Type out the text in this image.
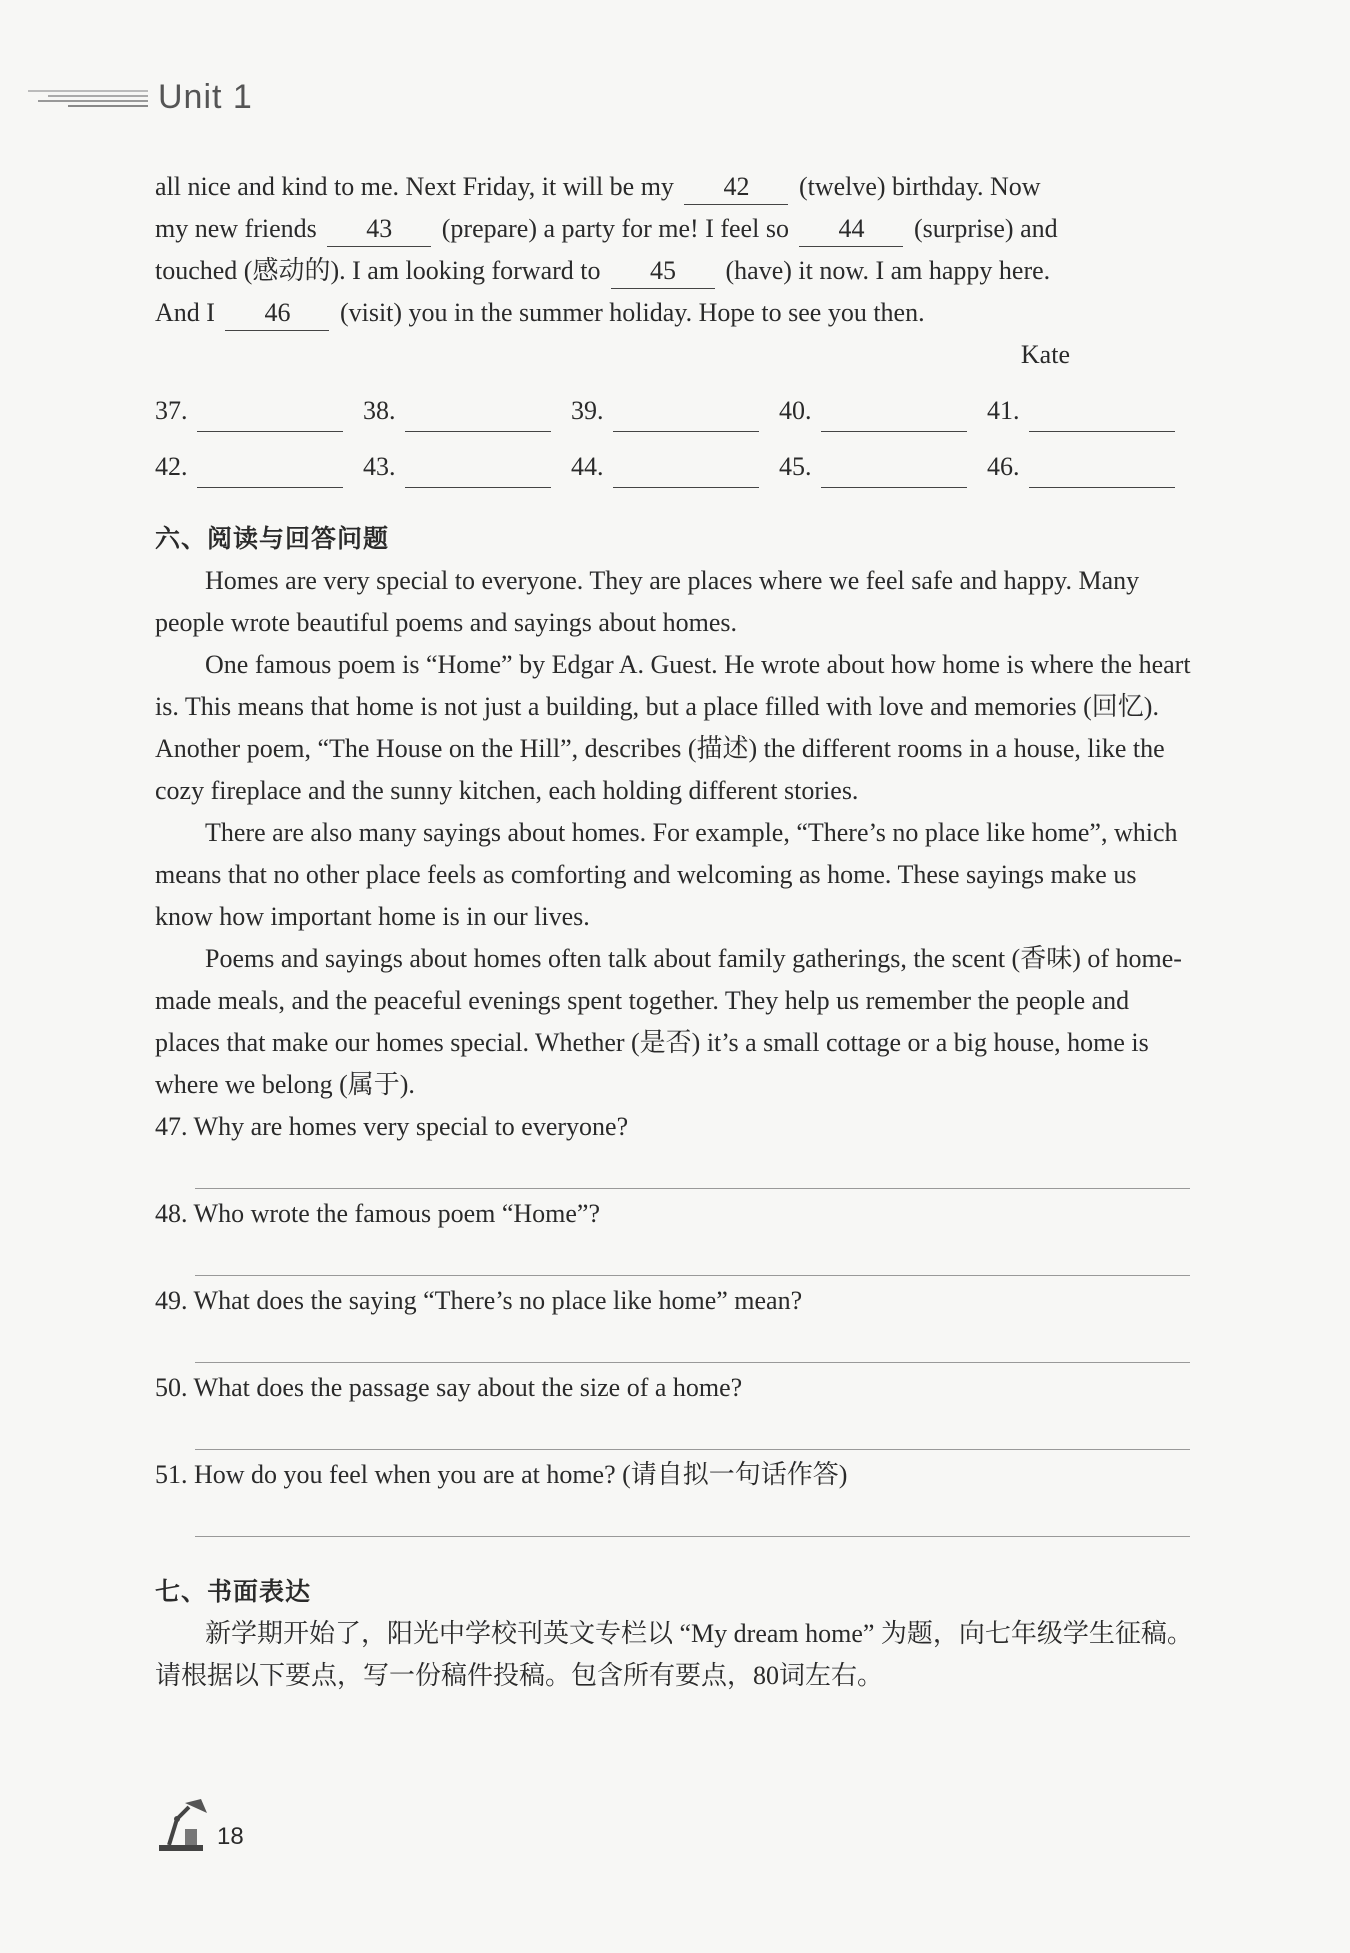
Unit 1
all nice and kind to me. Next Friday, it will be my 42 (twelve) birthday. Now
my new friends 43 (prepare) a party for me! I feel so 44 (surprise) and
touched (感动的). I am looking forward to 45 (have) it now. I am happy here.
And I 46 (visit) you in the summer holiday. Hope to see you then.
Kate
37.	38.	39.	40.	41.
42.	43.	44.	45.	46.
六、阅读与回答问题
Homes are very special to everyone. They are places where we feel safe and happy. Many people wrote beautiful poems and sayings about homes.
One famous poem is “Home” by Edgar A. Guest. He wrote about how home is where the heart is. This means that home is not just a building, but a place filled with love and memories (回忆). Another poem, “The House on the Hill”, describes (描述) the different rooms in a house, like the cozy fireplace and the sunny kitchen, each holding different stories.
There are also many sayings about homes. For example, “There’s no place like home”, which means that no other place feels as comforting and welcoming as home. These sayings make us know how important home is in our lives.
Poems and sayings about homes often talk about family gatherings, the scent (香味) of home-made meals, and the peaceful evenings spent together. They help us remember the people and places that make our homes special. Whether (是否) it’s a small cottage or a big house, home is where we belong (属于).
47. Why are homes very special to everyone?
48. Who wrote the famous poem “Home”?
49. What does the saying “There’s no place like home” mean?
50. What does the passage say about the size of a home?
51. How do you feel when you are at home? (请自拟一句话作答)
七、书面表达
新学期开始了，阳光中学校刊英文专栏以 “My dream home” 为题，向七年级学生征稿。请根据以下要点，写一份稿件投稿。包含所有要点，80词左右。
18
